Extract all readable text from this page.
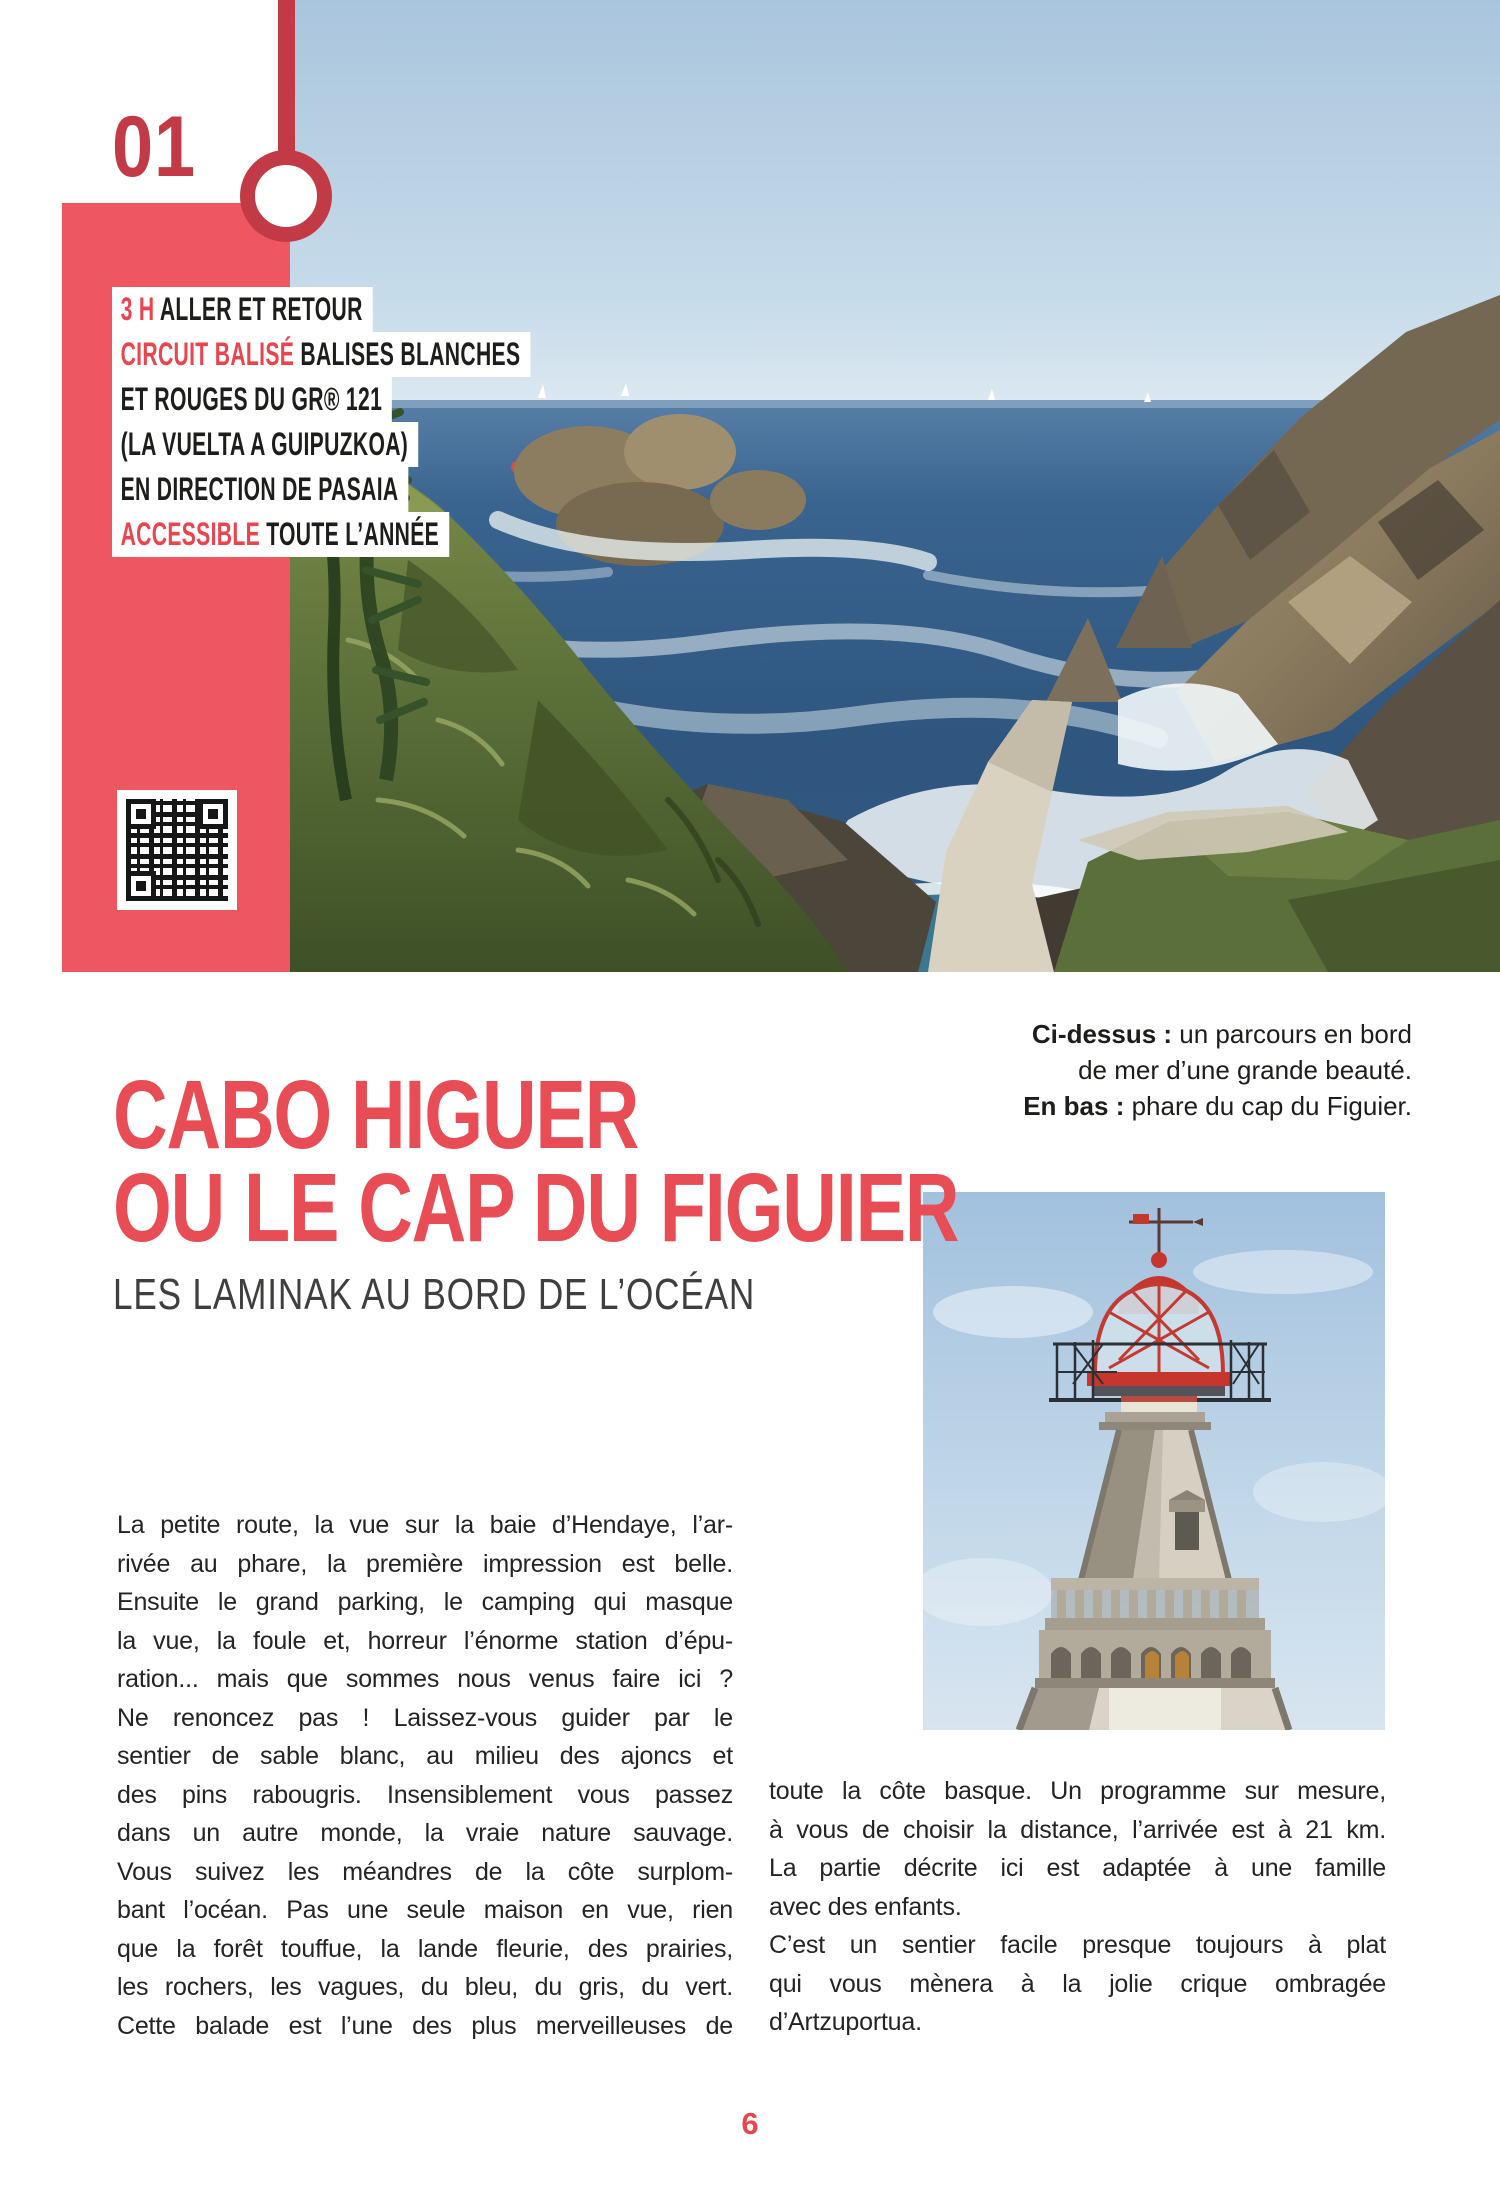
01
3 H ALLER ET RETOUR
CIRCUIT BALISÉ BALISES BLANCHES
ET ROUGES DU GR® 121
(LA VUELTA A GUIPUZKOA)
EN DIRECTION DE PASAIA
ACCESSIBLE TOUTE L’ANNÉE
Ci-dessus : un parcours en bord
de mer d’une grande beauté.
En bas : phare du cap du Figuier.
CABO HIGUER
OU LE CAP DU FIGUIER
LES LAMINAK AU BORD DE L’OCÉAN
La petite route, la vue sur la baie d’Hendaye, l’ar-
rivée au phare, la première impression est belle.
Ensuite le grand parking, le camping qui masque
la vue, la foule et, horreur l’énorme station d’épu-
ration... mais que sommes nous venus faire ici ?
Ne renoncez pas ! Laissez-vous guider par le
sentier de sable blanc, au milieu des ajoncs et
des pins rabougris. Insensiblement vous passez
dans un autre monde, la vraie nature sauvage.
Vous suivez les méandres de la côte surplom-
bant l’océan. Pas une seule maison en vue, rien
que la forêt touffue, la lande fleurie, des prairies,
les rochers, les vagues, du bleu, du gris, du vert.
Cette balade est l’une des plus merveilleuses de
toute la côte basque. Un programme sur mesure,
à vous de choisir la distance, l’arrivée est à 21 km.
La partie décrite ici est adaptée à une famille
avec des enfants.
C’est un sentier facile presque toujours à plat
qui vous mènera à la jolie crique ombragée
d’Artzuportua.
6
